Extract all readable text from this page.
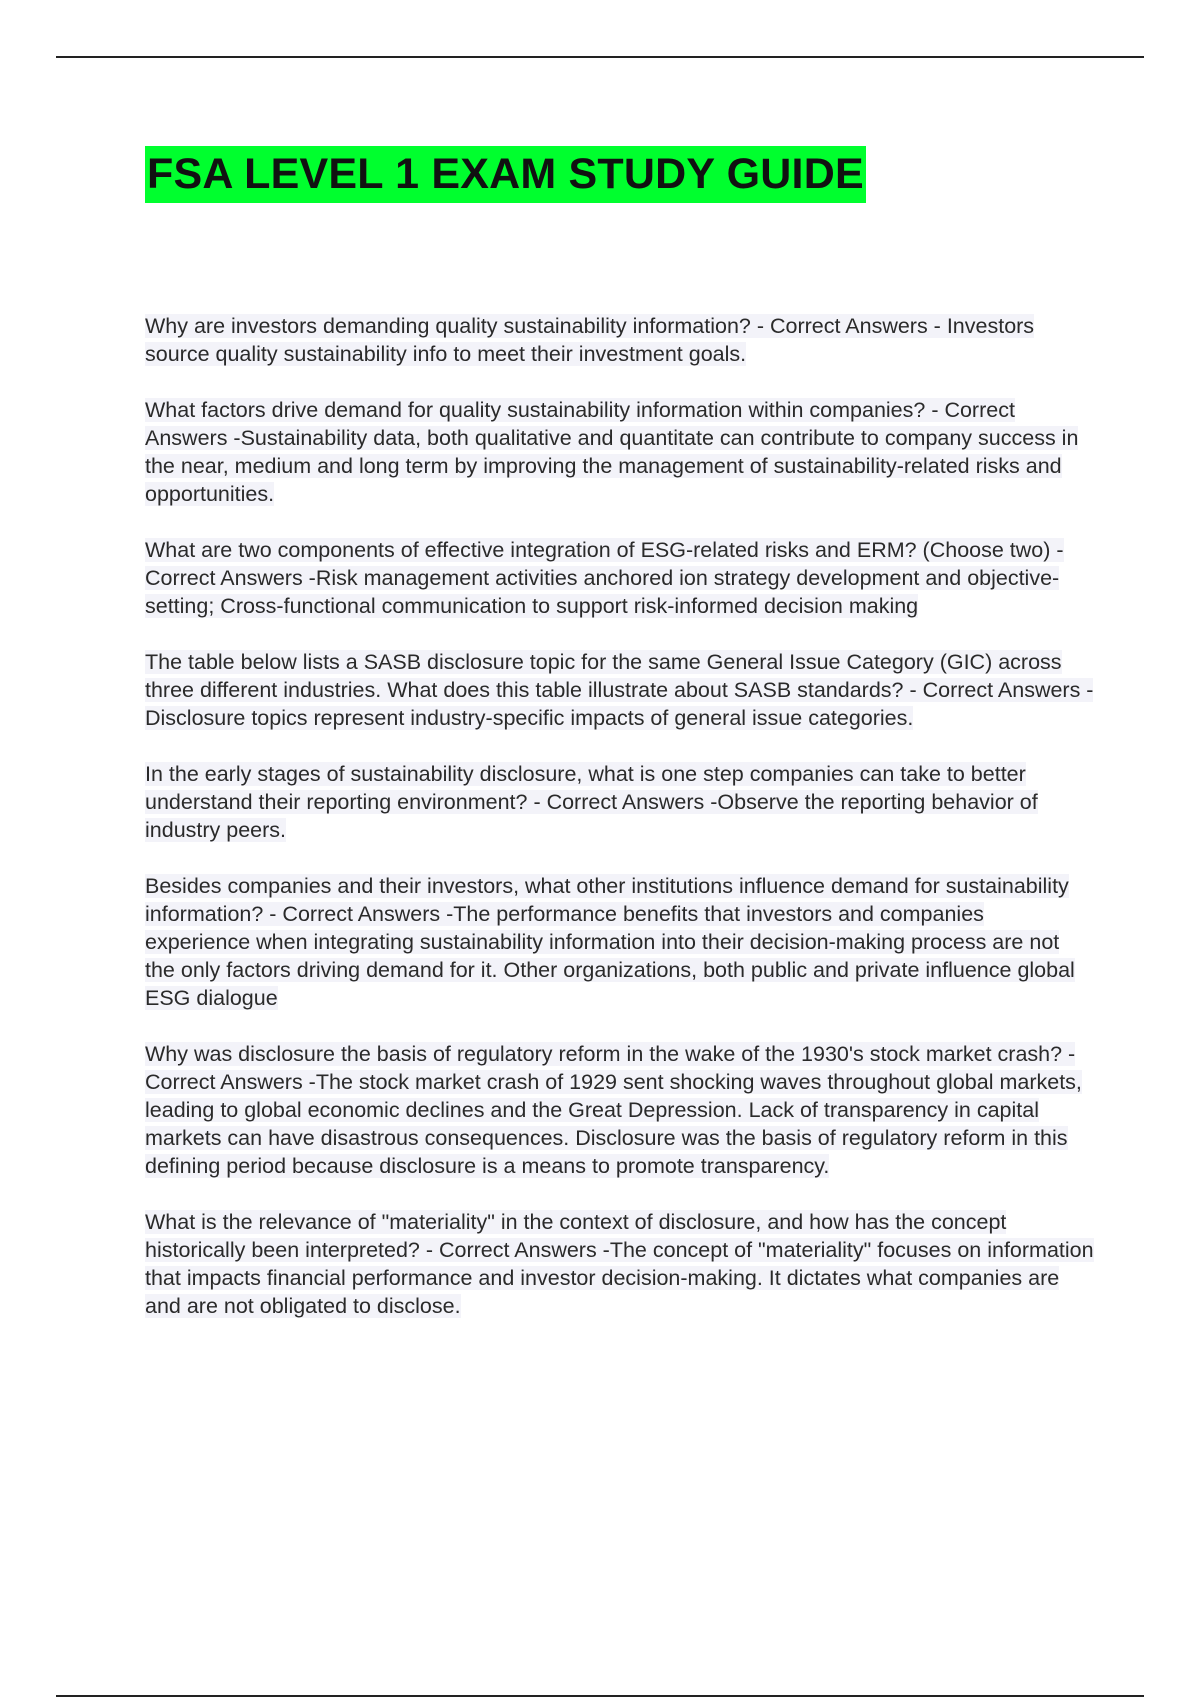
FSA LEVEL 1 EXAM STUDY GUIDE

Why are investors demanding quality sustainability information? - Correct Answers - Investors source quality sustainability info to meet their investment goals.

What factors drive demand for quality sustainability information within companies? - Correct Answers -Sustainability data, both qualitative and quantitate can contribute to company success in the near, medium and long term by improving the management of sustainability-related risks and opportunities.

What are two components of effective integration of ESG-related risks and ERM? (Choose two) - Correct Answers -Risk management activities anchored ion strategy development and objective-setting; Cross-functional communication to support risk-informed decision making

The table below lists a SASB disclosure topic for the same General Issue Category (GIC) across three different industries. What does this table illustrate about SASB standards? - Correct Answers -Disclosure topics represent industry-specific impacts of general issue categories.

In the early stages of sustainability disclosure, what is one step companies can take to better understand their reporting environment? - Correct Answers -Observe the reporting behavior of industry peers.

Besides companies and their investors, what other institutions influence demand for sustainability information? - Correct Answers -The performance benefits that investors and companies experience when integrating sustainability information into their decision-making process are not the only factors driving demand for it. Other organizations, both public and private influence global ESG dialogue

Why was disclosure the basis of regulatory reform in the wake of the 1930's stock market crash? - Correct Answers -The stock market crash of 1929 sent shocking waves throughout global markets, leading to global economic declines and the Great Depression. Lack of transparency in capital markets can have disastrous consequences. Disclosure was the basis of regulatory reform in this defining period because disclosure is a means to promote transparency.

What is the relevance of "materiality" in the context of disclosure, and how has the concept historically been interpreted? - Correct Answers -The concept of "materiality" focuses on information that impacts financial performance and investor decision-making. It dictates what companies are and are not obligated to disclose.
